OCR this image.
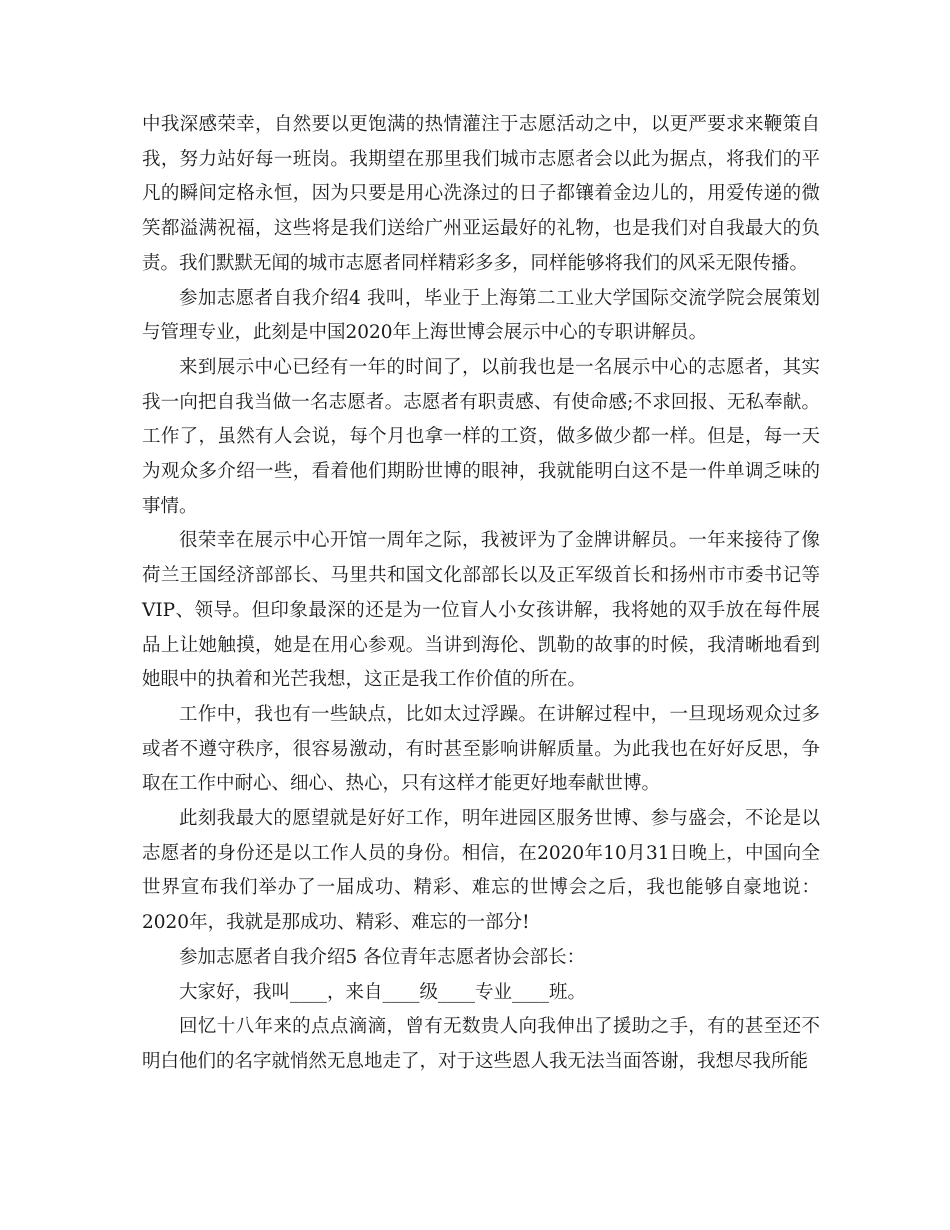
中我深感荣幸，自然要以更饱满的热情灌注于志愿活动之中，以更严要求来鞭策自我，努力站好每一班岗。我期望在那里我们城市志愿者会以此为据点，将我们的平凡的瞬间定格永恒，因为只要是用心洗涤过的日子都镶着金边儿的，用爱传递的微笑都溢满祝福，这些将是我们送给广州亚运最好的礼物，也是我们对自我最大的负责。我们默默无闻的城市志愿者同样精彩多多，同样能够将我们的风采无限传播。

参加志愿者自我介绍4 我叫，毕业于上海第二工业大学国际交流学院会展策划与管理专业，此刻是中国2020年上海世博会展示中心的专职讲解员。

来到展示中心已经有一年的时间了，以前我也是一名展示中心的志愿者，其实我一向把自我当做一名志愿者。志愿者有职责感、有使命感;不求回报、无私奉献。工作了，虽然有人会说，每个月也拿一样的工资，做多做少都一样。但是，每一天为观众多介绍一些，看着他们期盼世博的眼神，我就能明白这不是一件单调乏味的事情。

很荣幸在展示中心开馆一周年之际，我被评为了金牌讲解员。一年来接待了像荷兰王国经济部部长、马里共和国文化部部长以及正军级首长和扬州市市委书记等VIP、领导。但印象最深的还是为一位盲人小女孩讲解，我将她的双手放在每件展品上让她触摸，她是在用心参观。当讲到海伦、凯勒的故事的时候，我清晰地看到她眼中的执着和光芒我想，这正是我工作价值的所在。

工作中，我也有一些缺点，比如太过浮躁。在讲解过程中，一旦现场观众过多或者不遵守秩序，很容易激动，有时甚至影响讲解质量。为此我也在好好反思，争取在工作中耐心、细心、热心，只有这样才能更好地奉献世博。

此刻我最大的愿望就是好好工作，明年进园区服务世博、参与盛会，不论是以志愿者的身份还是以工作人员的身份。相信，在2020年10月31日晚上，中国向全世界宣布我们举办了一届成功、精彩、难忘的世博会之后，我也能够自豪地说：2020年，我就是那成功、精彩、难忘的一部分!

参加志愿者自我介绍5 各位青年志愿者协会部长：

大家好，我叫____，来自____级____专业____班。

回忆十八年来的点点滴滴，曾有无数贵人向我伸出了援助之手，有的甚至还不明白他们的名字就悄然无息地走了，对于这些恩人我无法当面答谢，我想尽我所能
